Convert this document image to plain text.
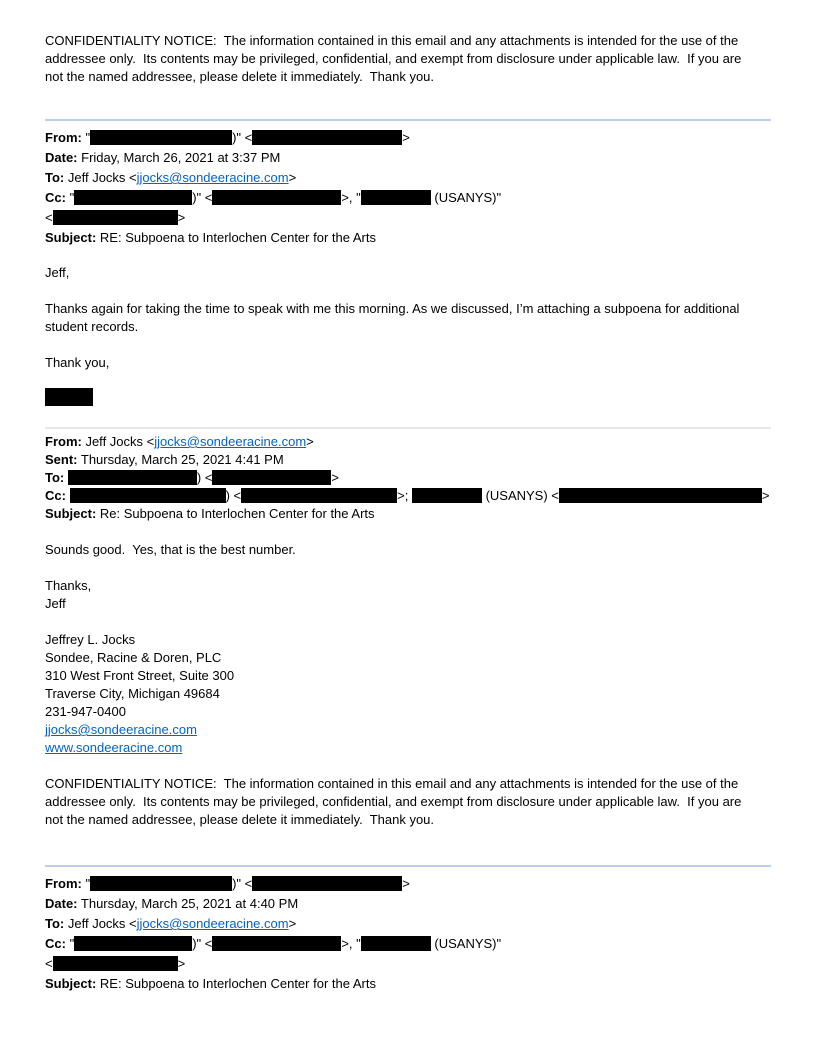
CONFIDENTIALITY NOTICE:  The information contained in this email and any attachments is intended for the use of the
addressee only.  Its contents may be privileged, confidential, and exempt from disclosure under applicable law.  If you are
not the named addressee, please delete it immediately.  Thank you.
From: "	)" <	>
Date: Friday, March 26, 2021 at 3:37 PM
To: Jeff Jocks <jjocks@sondeeracine.com>
Cc: "	)" <	>, "	(USANYS)"
<	>
Subject: RE: Subpoena to Interlochen Center for the Arts
Jeff,

Thanks again for taking the time to speak with me this morning. As we discussed, I’m attaching a subpoena for additional
student records.

Thank you,
From: Jeff Jocks <jjocks@sondeeracine.com>
Sent: Thursday, March 25, 2021 4:41 PM
To:	) <	>
Cc:	) <	>;	(USANYS) <	>
Subject: Re: Subpoena to Interlochen Center for the Arts
Sounds good.  Yes, that is the best number.

Thanks,
Jeff

Jeffrey L. Jocks
Sondee, Racine & Doren, PLC
310 West Front Street, Suite 300
Traverse City, Michigan 49684
231-947-0400
jjocks@sondeeracine.com
www.sondeeracine.com

CONFIDENTIALITY NOTICE:  The information contained in this email and any attachments is intended for the use of the
addressee only.  Its contents may be privileged, confidential, and exempt from disclosure under applicable law.  If you are
not the named addressee, please delete it immediately.  Thank you.
From: "	)" <	>
Date: Thursday, March 25, 2021 at 4:40 PM
To: Jeff Jocks <jjocks@sondeeracine.com>
Cc: "	)" <	>, "	(USANYS)"
<	>
Subject: RE: Subpoena to Interlochen Center for the Arts
